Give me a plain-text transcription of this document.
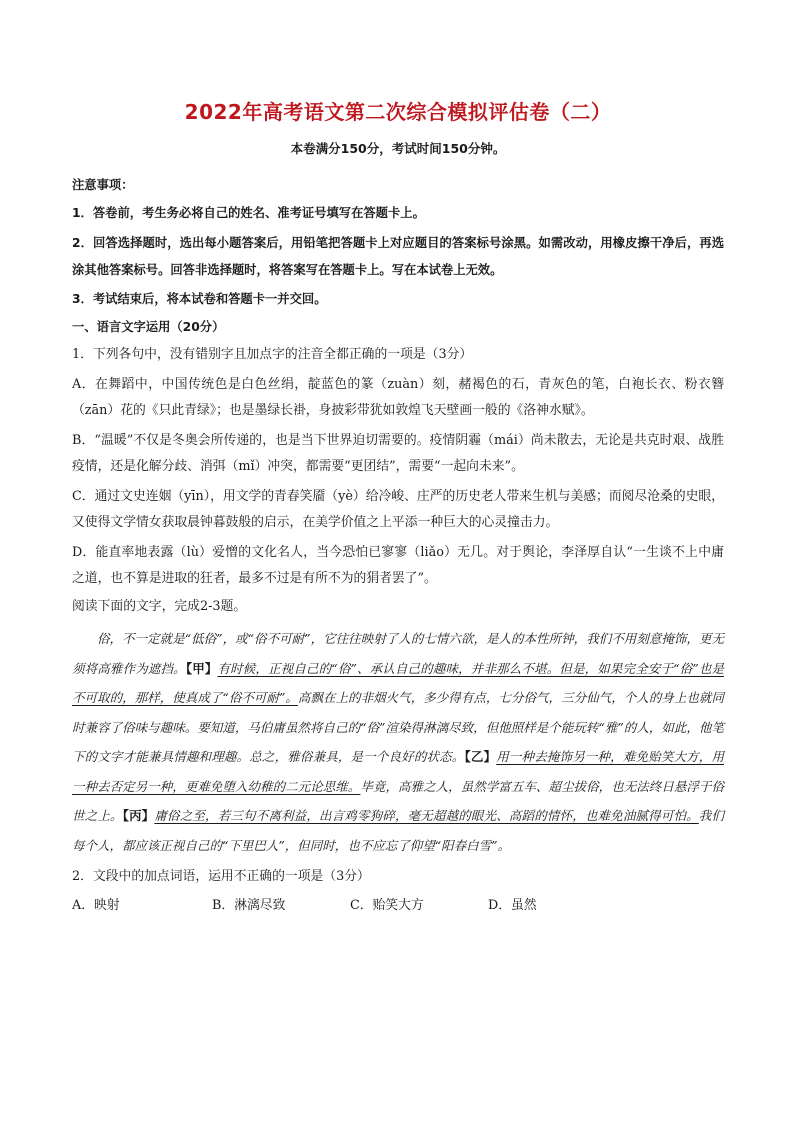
2022年高考语文第二次综合模拟评估卷（二）
本卷满分150分，考试时间150分钟。
注意事项：
1．答卷前，考生务必将自己的姓名、准考证号填写在答题卡上。
2．回答选择题时，选出每小题答案后，用铅笔把答题卡上对应题目的答案标号涂黑。如需改动，用橡皮擦干净后，再选涂其他答案标号。回答非选择题时，将答案写在答题卡上。写在本试卷上无效。
3．考试结束后，将本试卷和答题卡一并交回。
一、语言文字运用（20分）
1．下列各句中，没有错别字且加点字的注音全都正确的一项是（3分）
A．在舞蹈中，中国传统色是白色丝绢，靛蓝色的篆（zuàn）刻，赭褐色的石，青灰色的笔，白袍长衣、粉衣簪（zān）花的《只此青绿》；也是墨绿长褂，身披彩带犹如敦煌飞天壁画一般的《洛神水赋》。
B．“温暖”不仅是冬奥会所传递的，也是当下世界迫切需要的。疫情阴霾（mái）尚未散去，无论是共克时艰、战胜疫情，还是化解分歧、消弭（mǐ）冲突，都需要“更团结”，需要“一起向未来”。
C．通过文史连姻（yīn），用文学的青春笑靥（yè）给冷峻、庄严的历史老人带来生机与美感；而阅尽沧桑的史眼，又使得文学情女获取晨钟暮鼓般的启示，在美学价值之上平添一种巨大的心灵撞击力。
D．能直率地表露（lù）爱憎的文化名人，当今恐怕已寥寥（liǎo）无几。对于舆论，李泽厚自认“一生谈不上中庸之道，也不算是进取的狂者，最多不过是有所不为的狷者罢了”。
阅读下面的文字，完成2-3题。
俗，不一定就是“低俗”，或“俗不可耐”，它往往映射了人的七情六欲，是人的本性所钟，我们不用刻意掩饰，更无须将高雅作为遮挡。【甲】有时候，正视自己的“俗”、承认自己的趣味，并非那么不堪。但是，如果完全安于“俗”也是不可取的，那样，使真成了“俗不可耐”。高飘在上的非烟火气，多少得有点，七分俗气，三分仙气，个人的身上也就同时兼容了俗味与趣味。要知道，马伯庸虽然将自己的“俗”渲染得淋漓尽致，但他照样是个能玩转“雅”的人，如此，他笔下的文字才能兼具情趣和理趣。总之，雅俗兼具，是一个良好的状态。【乙】用一种去掩饰另一种，难免贻笑大方，用一种去否定另一种，更难免堕入幼稚的二元论思维。毕竟，高雅之人，虽然学富五车、超尘拔俗，也无法终日悬浮于俗世之上。【丙】庸俗之至，若三句不离利益，出言鸡零狗碎，毫无超越的眼光、高蹈的情怀，也难免油腻得可怕。我们每个人，都应该正视自己的“下里巴人”，但同时，也不应忘了仰望“阳春白雪”。
2．文段中的加点词语，运用不正确的一项是（3分）
A．映射	B．淋漓尽致	C．贻笑大方	D．虽然
